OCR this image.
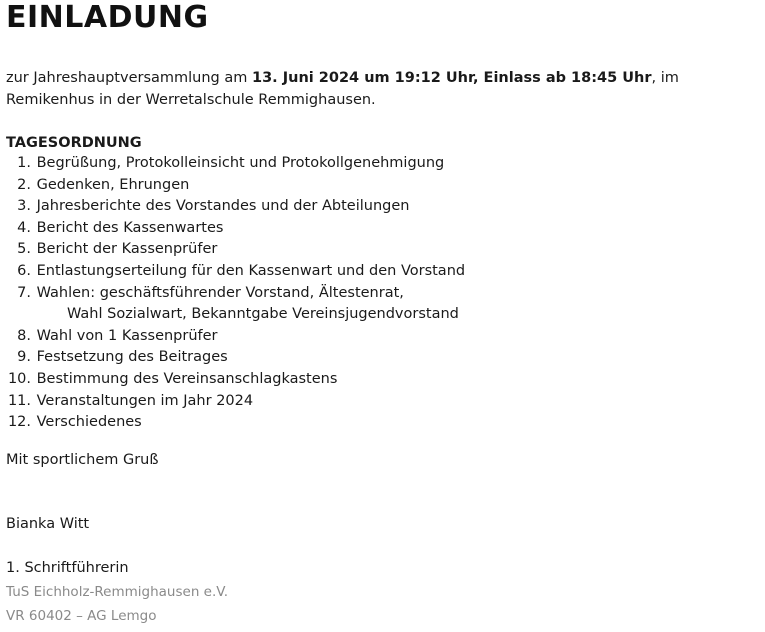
EINLADUNG

zur Jahreshauptversammlung am 13. Juni 2024 um 19:12 Uhr, Einlass ab 18:45 Uhr, im Remikenhus in der Werretalschule Remmighausen.

TAGESORDNUNG

1.
Begrüßung, Protokolleinsicht und Protokollgenehmigung
2.
Gedenken, Ehrungen
3.
Jahresberichte des Vorstandes und der Abteilungen
4.
Bericht des Kassenwartes
5.
Bericht der Kassenprüfer
6.
Entlastungserteilung für den Kassenwart und den Vorstand
7.
Wahlen: geschäftsführender Vorstand, Ältestenrat,
Wahl Sozialwart, Bekanntgabe Vereinsjugendvorstand
8.
Wahl von 1 Kassenprüfer
9.
Festsetzung des Beitrages
10.
Bestimmung des Vereinsanschlagkastens
11.
Veranstaltungen im Jahr 2024
12.
Verschiedenes

Mit sportlichem Gruß

Bianka Witt

1. Schriftführerin

TuS Eichholz-Remmighausen e.V.

VR 60402 – AG Lemgo
